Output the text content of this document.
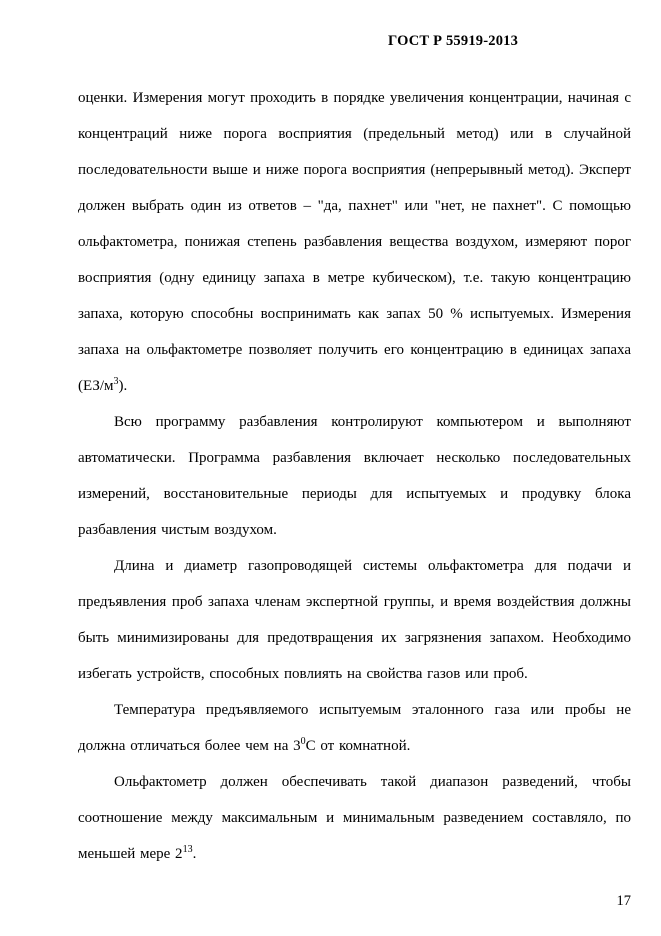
ГОСТ Р 55919-2013

оценки. Измерения могут проходить в порядке увеличения концентрации, начиная с концентраций ниже порога восприятия (предельный метод) или в случайной последовательности выше и ниже порога восприятия (непрерывный метод). Эксперт должен выбрать один из ответов – "да, пахнет" или "нет, не пахнет". С помощью ольфактометра, понижая степень разбавления вещества воздухом, измеряют порог восприятия (одну единицу запаха в метре кубическом), т.е. такую концентрацию запаха, которую способны воспринимать как запах 50 % испытуемых. Измерения запаха на ольфактометре позволяет получить его концентрацию в единицах запаха $(ЕЗ/м^3)$.

Всю программу разбавления контролируют компьютером и выполняют автоматически. Программа разбавления включает несколько последовательных измерений, восстановительные периоды для испытуемых и продувку блока разбавления чистым воздухом.

Длина и диаметр газопроводящей системы ольфактометра для подачи и предъявления проб запаха членам экспертной группы, и время воздействия должны быть минимизированы для предотвращения их загрязнения запахом. Необходимо избегать устройств, способных повлиять на свойства газов или проб.

Температура предъявляемого испытуемым эталонного газа или пробы не должна отличаться более чем на $3^0С$ от комнатной.

Ольфактометр должен обеспечивать такой диапазон разведений, чтобы соотношение между максимальным и минимальным разведением составляло, по меньшей мере $2^{13}$.

17
